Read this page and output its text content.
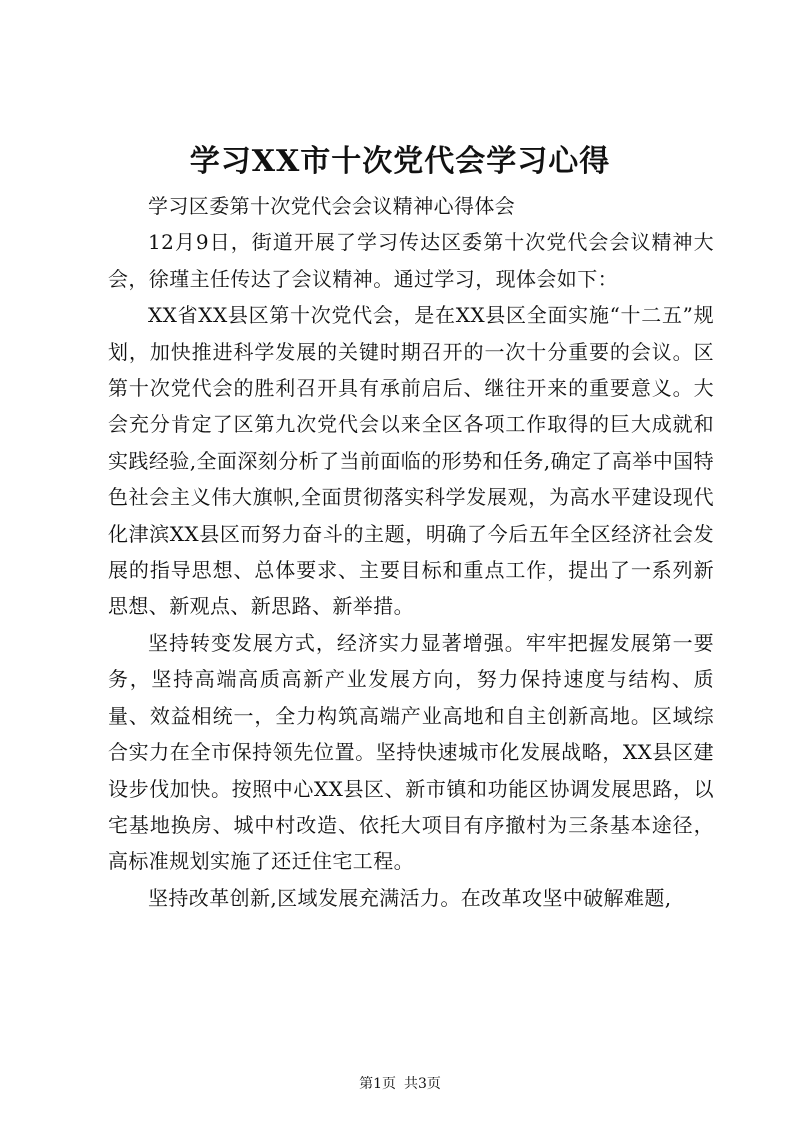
学习XX市十次党代会学习心得

学习区委第十次党代会会议精神心得体会

12月9日，街道开展了学习传达区委第十次党代会会议精神大会，徐瑾主任传达了会议精神。通过学习，现体会如下：

XX省XX县区第十次党代会，是在XX县区全面实施“十二五”规划，加快推进科学发展的关键时期召开的一次十分重要的会议。区第十次党代会的胜利召开具有承前启后、继往开来的重要意义。大会充分肯定了区第九次党代会以来全区各项工作取得的巨大成就和实践经验,全面深刻分析了当前面临的形势和任务,确定了高举中国特色社会主义伟大旗帜,全面贯彻落实科学发展观，为高水平建设现代化津滨XX县区而努力奋斗的主题，明确了今后五年全区经济社会发展的指导思想、总体要求、主要目标和重点工作，提出了一系列新思想、新观点、新思路、新举措。

坚持转变发展方式，经济实力显著增强。牢牢把握发展第一要务，坚持高端高质高新产业发展方向，努力保持速度与结构、质量、效益相统一，全力构筑高端产业高地和自主创新高地。区域综合实力在全市保持领先位置。坚持快速城市化发展战略，XX县区建设步伐加快。按照中心XX县区、新市镇和功能区协调发展思路，以宅基地换房、城中村改造、依托大项目有序撤村为三条基本途径，高标准规划实施了还迁住宅工程。

坚持改革创新,区域发展充满活力。在改革攻坚中破解难题,

第1页 共3页
